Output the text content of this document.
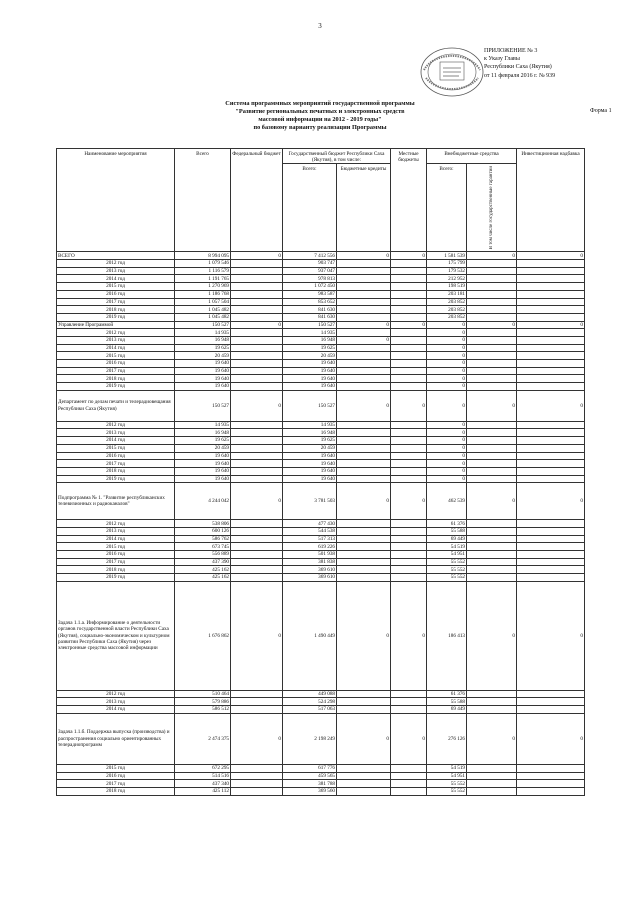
3
ПРИЛОЖЕНИЕ № 3
к Указу Главы
Республики Саха (Якутия)
от 11 февраля 2016 г. № 939
Форма 1
Система программных мероприятий государственной программы
"Развитие региональных печатных и электронных средств
массовой информации на 2012 - 2019 годы"
по базовому варианту реализации Программы
Наименование мероприятия	Всего	Федеральный бюджет	Государственный бюджет Республики Саха (Якутия), в том числе:		Местные бюджеты	Внебюджетные средства		Инвестиционная надбавка
			Всего:	Бюджетные кредиты		Всего:	В том числе государственные гарантии	
ВСЕГО	8 994 095	0	7 412 556	0	0	1 581 539	0	0
2012 год	1 079 546		903 747			175 799		
2013 год	1 116 579		937 047			179 532		
2014 год	1 191 765		978 813			212 952		
2015 год	1 270 969		1 072 450			198 519		
2016 год	1 186 768		983 587			203 181		
2017 год	1 057 504		853 652			203 852		
2018 год	1 045 482		841 630			203 852		
2019 год	1 045 482		841 630			203 852		
Управление Программой	150 527	0	150 527	0	0	0	0	0
2012 год	14 935		14 935			0		
2013 год	16 948		16 948	0		0		
2014 год	19 625		19 625			0		
2015 год	20 459		20 459			0		
2016 год	19 640		19 640			0		
2017 год	19 640		19 640			0		
2018 год	19 640		19 640			0		
2019 год	19 640		19 640			0		
Департамент по делам печати и телерадиовещания Республики Саха (Якутия)	150 527	0	150 527	0	0	0	0	0
2012 год	14 935		14 935			0		
2013 год	16 948		16 948			0		
2014 год	19 625		19 625			0		
2015 год	20 459		20 459			0		
2016 год	19 640		19 640			0		
2017 год	19 640		19 640			0		
2018 год	19 640		19 640			0		
2019 год	19 640		19 640			0		
Подпрограмма № 1. "Развитие республиканских телевизионных и радиоканалов"	4 244 042	0	3 781 503	0	0	462 539	0	0
2012 год	538 806		477 430			61 376		
2013 год	600 126		544 538			55 588		
2014 год	586 762		517 313			69 449		
2015 год	673 745		619 226			54 519		
2016 год	556 889		501 938			54 951		
2017 год	437 390		381 838			55 552		
2018 год	425 162		369 610			55 552		
2019 год	425 162		369 610			55 552		
Задача 1.1.а. Информирование о деятельности органов государственной власти Республики Саха (Якутия), социально-экономическом и культурном развитии Республики Саха (Якутия) через электронные средства массовой информации	1 676 862	0	1 490 449	0	0	186 413	0	0
2012 год	510 464		449 088			61 376		
2013 год	579 886		524 298			55 588		
2014 год	586 512		517 063			69 449		
Задача 1.1.б. Поддержка выпуска (производства) и распространения социально ориентированных телерадиопрограмм	2 474 375	0	2 198 249	0	0	276 126	0	0
2015 год	672 295		617 776			54 519		
2016 год	514 516		459 565			54 951		
2017 год	437 340		381 788			55 552		
2018 год	425 112		369 560			55 552		
